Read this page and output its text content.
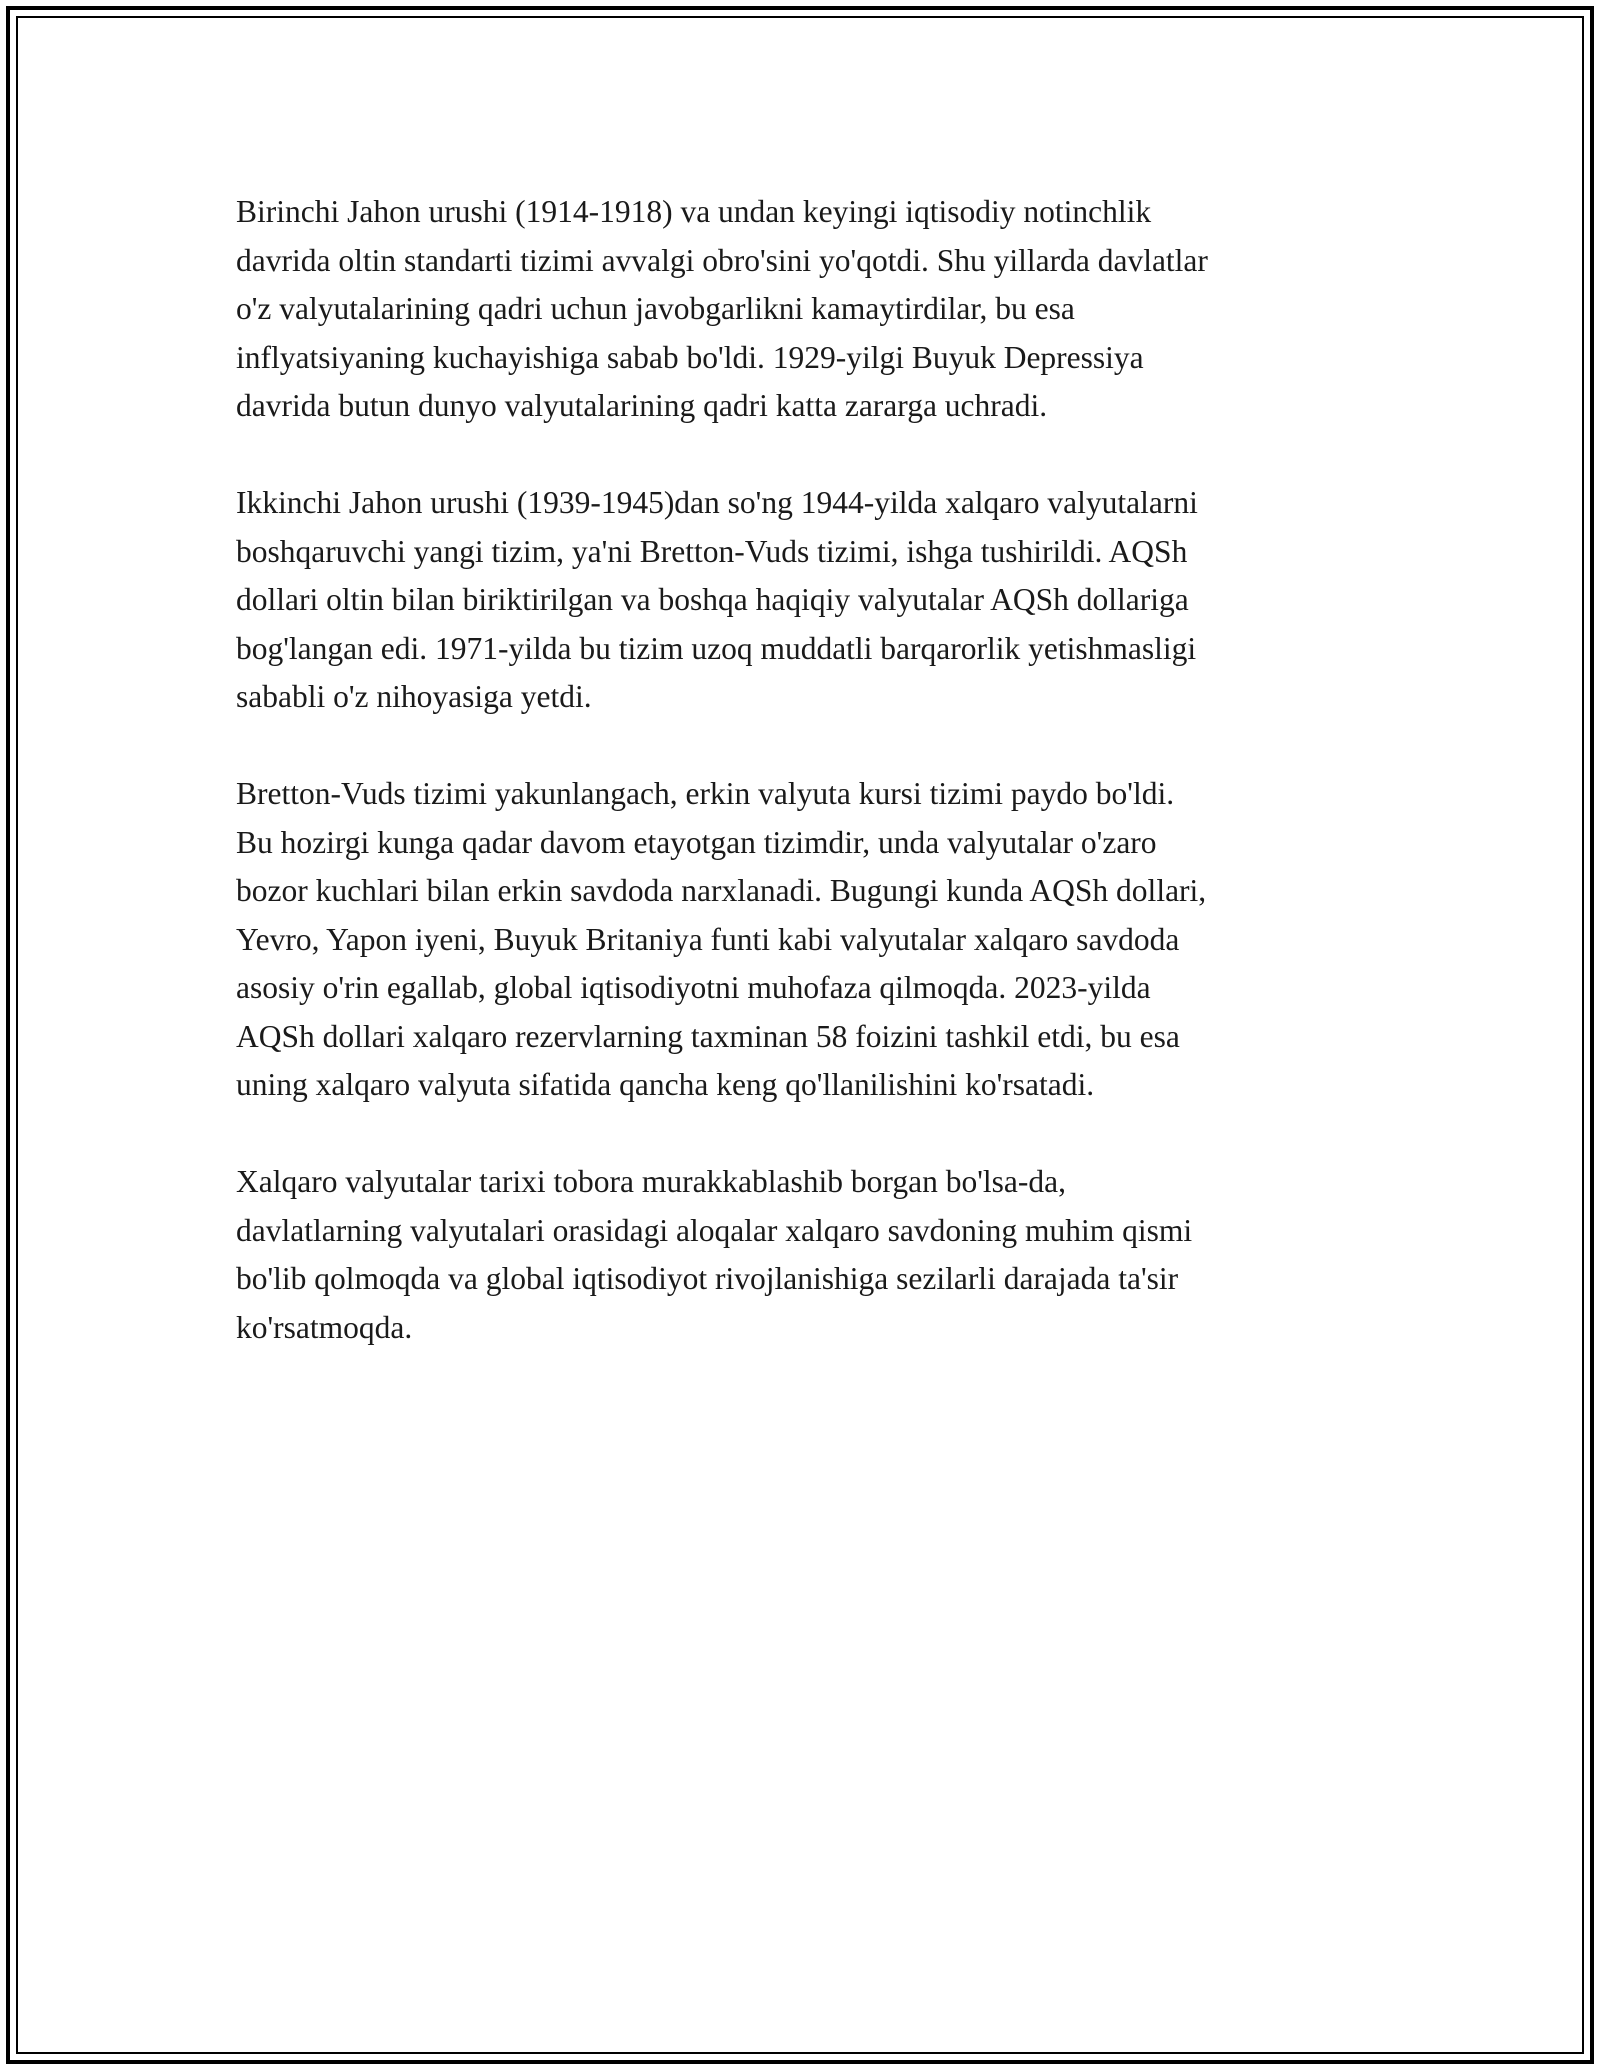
Birinchi Jahon urushi (1914-1918) va undan keyingi iqtisodiy notinchlik
davrida oltin standarti tizimi avvalgi obro'sini yo'qotdi. Shu yillarda davlatlar
o'z valyutalarining qadri uchun javobgarlikni kamaytirdilar, bu esa
inflyatsiyaning kuchayishiga sabab bo'ldi. 1929-yilgi Buyuk Depressiya
davrida butun dunyo valyutalarining qadri katta zararga uchradi.

Ikkinchi Jahon urushi (1939-1945)dan so'ng 1944-yilda xalqaro valyutalarni
boshqaruvchi yangi tizim, ya'ni Bretton-Vuds tizimi, ishga tushirildi. AQSh
dollari oltin bilan biriktirilgan va boshqa haqiqiy valyutalar AQSh dollariga
bog'langan edi. 1971-yilda bu tizim uzoq muddatli barqarorlik yetishmasligi
sababli o'z nihoyasiga yetdi.

Bretton-Vuds tizimi yakunlangach, erkin valyuta kursi tizimi paydo bo'ldi.
Bu hozirgi kunga qadar davom etayotgan tizimdir, unda valyutalar o'zaro
bozor kuchlari bilan erkin savdoda narxlanadi. Bugungi kunda AQSh dollari,
Yevro, Yapon iyeni, Buyuk Britaniya funti kabi valyutalar xalqaro savdoda
asosiy o'rin egallab, global iqtisodiyotni muhofaza qilmoqda. 2023-yilda
AQSh dollari xalqaro rezervlarning taxminan 58 foizini tashkil etdi, bu esa
uning xalqaro valyuta sifatida qancha keng qo'llanilishini ko'rsatadi.

Xalqaro valyutalar tarixi tobora murakkablashib borgan bo'lsa-da,
davlatlarning valyutalari orasidagi aloqalar xalqaro savdoning muhim qismi
bo'lib qolmoqda va global iqtisodiyot rivojlanishiga sezilarli darajada ta'sir
ko'rsatmoqda.
